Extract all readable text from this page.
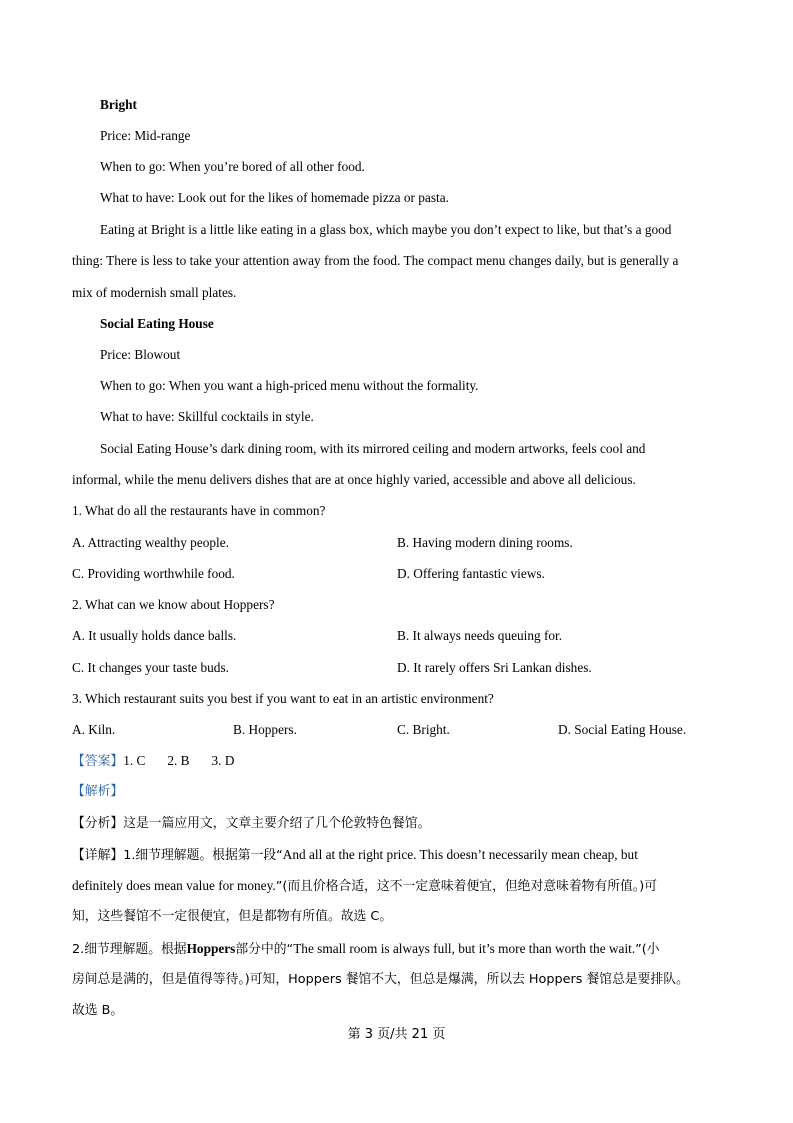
Bright
Price: Mid-range
When to go: When you’re bored of all other food.
What to have: Look out for the likes of homemade pizza or pasta.
Eating at Bright is a little like eating in a glass box, which maybe you don’t expect to like, but that’s a good
thing: There is less to take your attention away from the food. The compact menu changes daily, but is generally a
mix of modernish small plates.
Social Eating House
Price: Blowout
When to go: When you want a high-priced menu without the formality.
What to have: Skillful cocktails in style.
Social Eating House’s dark dining room, with its mirrored ceiling and modern artworks, feels cool and
informal, while the menu delivers dishes that are at once highly varied, accessible and above all delicious.
1. What do all the restaurants have in common?
A. Attracting wealthy people.	B. Having modern dining rooms.
C. Providing worthwhile food.	D. Offering fantastic views.
2. What can we know about Hoppers?
A. It usually holds dance balls.	B. It always needs queuing for.
C. It changes your taste buds.	D. It rarely offers Sri Lankan dishes.
3. Which restaurant suits you best if you want to eat in an artistic environment?
A. Kiln.	B. Hoppers.	C. Bright.	D. Social Eating House.
【答案】1. C 2. B 3. D
【解析】
【分析】这是一篇应用文，文章主要介绍了几个伦敦特色餐馆。
【详解】1.细节理解题。根据第一段“And all at the right price. This doesn’t necessarily mean cheap, but
definitely does mean value for money.”(而且价格合适，这不一定意味着便宜，但绝对意味着物有所值。)可
知，这些餐馆不一定很便宜，但是都物有所值。故选 C。
2.细节理解题。根据Hoppers部分中的“The small room is always full, but it’s more than worth the wait.”(小
房间总是满的，但是值得等待。)可知，Hoppers 餐馆不大，但总是爆满，所以去 Hoppers 餐馆总是要排队。
故选 B。
第 3 页/共 21 页
